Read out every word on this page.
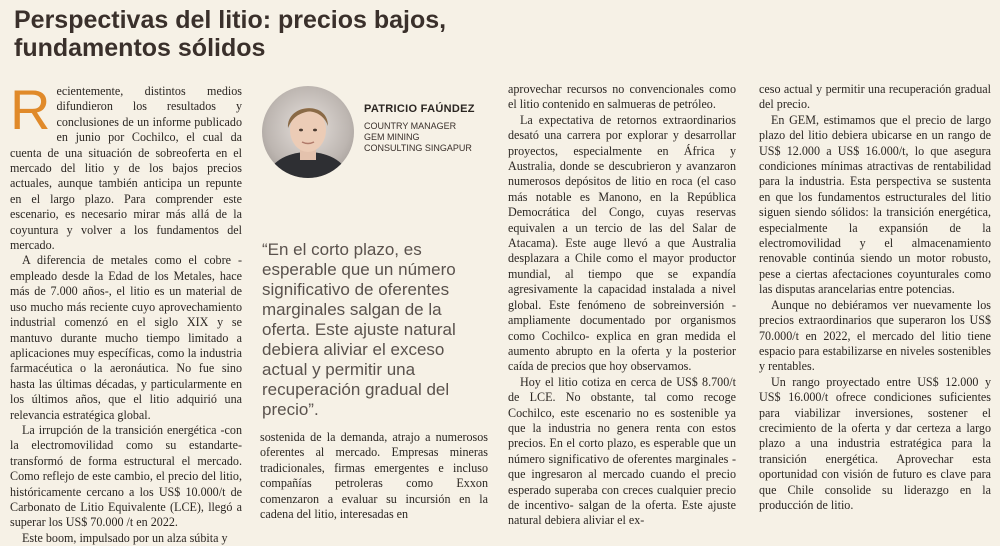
Perspectivas del litio: precios bajos, fundamentos sólidos

Recientemente, distintos medios difundieron los resultados y conclusiones de un informe publicado en junio por Cochilco, el cual da cuenta de una situación de sobreoferta en el mercado del litio y de los bajos precios actuales, aunque también anticipa un repunte en el largo plazo. Para comprender este escenario, es necesario mirar más allá de la coyuntura y volver a los fundamentos del mercado.

A diferencia de metales como el cobre -empleado desde la Edad de los Metales, hace más de 7.000 años-, el litio es un material de uso mucho más reciente cuyo aprovechamiento industrial comenzó en el siglo XIX y se mantuvo durante mucho tiempo limitado a aplicaciones muy específicas, como la industria farmacéutica o la aeronáutica. No fue sino hasta las últimas décadas, y particularmente en los últimos años, que el litio adquirió una relevancia estratégica global.

La irrupción de la transición energética -con la electromovilidad como su estandarte- transformó de forma estructural el mercado. Como reflejo de este cambio, el precio del litio, históricamente cercano a los US$ 10.000/t de Carbonato de Litio Equivalente (LCE), llegó a superar los US$ 70.000 /t en 2022.

Este boom, impulsado por un alza súbita y

PATRICIO FAÚNDEZ
COUNTRY MANAGER
GEM MINING
CONSULTING SINGAPUR

“En el corto plazo, es esperable que un número significativo de oferentes marginales salgan de la oferta. Este ajuste natural debiera aliviar el exceso actual y permitir una recuperación gradual del precio”.

sostenida de la demanda, atrajo a numerosos oferentes al mercado. Empresas mineras tradicionales, firmas emergentes e incluso compañías petroleras como Exxon comenzaron a evaluar su incursión en la cadena del litio, interesadas en

aprovechar recursos no convencionales como el litio contenido en salmueras de petróleo.

La expectativa de retornos extraordinarios desató una carrera por explorar y desarrollar proyectos, especialmente en África y Australia, donde se descubrieron y avanzaron numerosos depósitos de litio en roca (el caso más notable es Manono, en la República Democrática del Congo, cuyas reservas equivalen a un tercio de las del Salar de Atacama). Este auge llevó a que Australia desplazara a Chile como el mayor productor mundial, al tiempo que se expandía agresivamente la capacidad instalada a nivel global. Este fenómeno de sobreinversión -ampliamente documentado por organismos como Cochilco- explica en gran medida el aumento abrupto en la oferta y la posterior caída de precios que hoy observamos.

Hoy el litio cotiza en cerca de US$ 8.700/t de LCE. No obstante, tal como recoge Cochilco, este escenario no es sostenible ya que la industria no genera renta con estos precios. En el corto plazo, es esperable que un número significativo de oferentes marginales -que ingresaron al mercado cuando el precio esperado superaba con creces cualquier precio de incentivo- salgan de la oferta. Este ajuste natural debiera aliviar el ex-

ceso actual y permitir una recuperación gradual del precio.

En GEM, estimamos que el precio de largo plazo del litio debiera ubicarse en un rango de US$ 12.000 a US$ 16.000/t, lo que asegura condiciones mínimas atractivas de rentabilidad para la industria. Esta perspectiva se sustenta en que los fundamentos estructurales del litio siguen siendo sólidos: la transición energética, especialmente la expansión de la electromovilidad y el almacenamiento renovable continúa siendo un motor robusto, pese a ciertas afectaciones coyunturales como las disputas arancelarias entre potencias.

Aunque no debiéramos ver nuevamente los precios extraordinarios que superaron los US$ 70.000/t en 2022, el mercado del litio tiene espacio para estabilizarse en niveles sostenibles y rentables.

Un rango proyectado entre US$ 12.000 y US$ 16.000/t ofrece condiciones suficientes para viabilizar inversiones, sostener el crecimiento de la oferta y dar certeza a largo plazo a una industria estratégica para la transición energética. Aprovechar esta oportunidad con visión de futuro es clave para que Chile consolide su liderazgo en la producción de litio.
